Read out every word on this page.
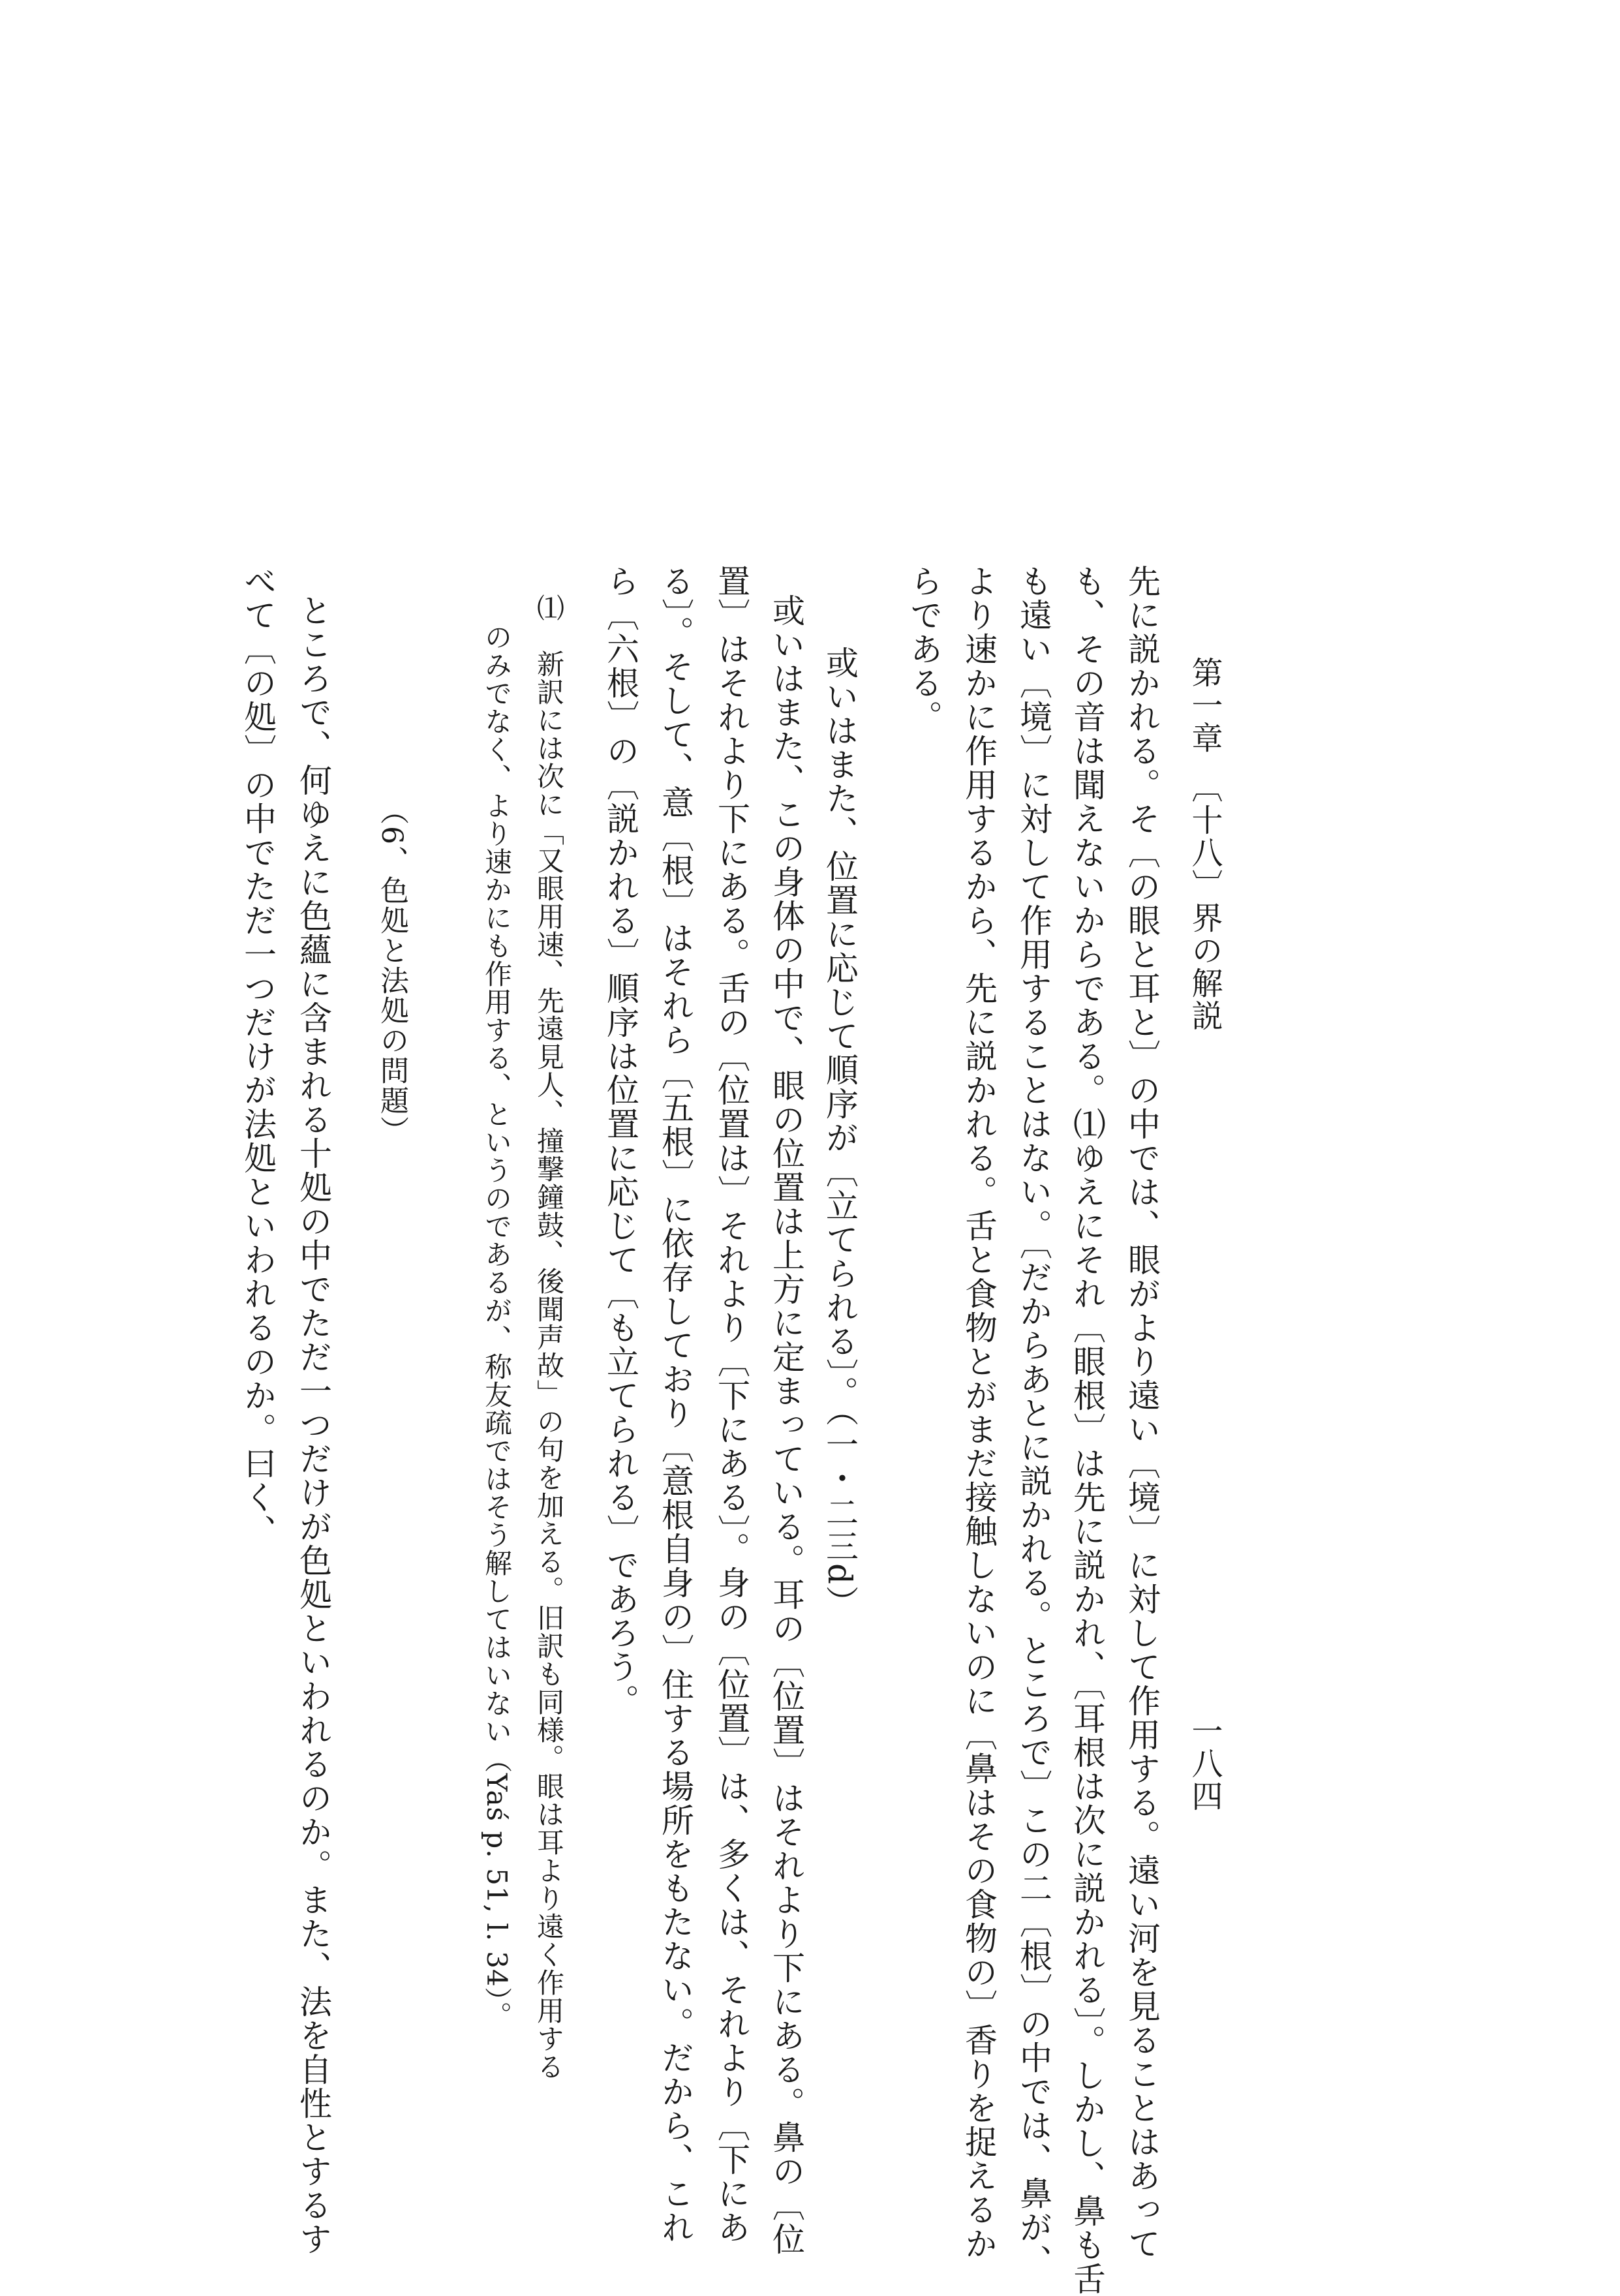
第一章　〔十八〕界の解説
一八四
先に説かれる。そ〔の眼と耳と〕の中では、眼がより遠い〔境〕に対して作用する。遠い河を見ることはあって
も、その音は聞えないからである。⑴ゆえにそれ〔眼根〕は先に説かれ、〔耳根は次に説かれる〕。しかし、鼻も舌
も遠い〔境〕に対して作用することはない。〔だからあとに説かれる。ところで〕この二〔根〕の中では、鼻が、
より速かに作用するから、先に説かれる。舌と食物とがまだ接触しないのに〔鼻はその食物の〕香りを捉えるか
らである。
或いはまた、位置に応じて順序が〔立てられる〕。（一・二三d）
或いはまた、この身体の中で、眼の位置は上方に定まっている。耳の〔位置〕はそれより下にある。鼻の〔位
置〕はそれより下にある。舌の〔位置は〕それより〔下にある〕。身の〔位置〕は、多くは、それより〔下にあ
る〕。そして、意〔根〕はそれら〔五根〕に依存しており〔意根自身の〕住する場所をもたない。だから、これ
ら〔六根〕の〔説かれる〕順序は位置に応じて〔も立てられる〕であろう。
⑴　新訳には次に「又眼用速、先遠見人、撞撃鐘鼓、後聞声故」の句を加える。旧訳も同様。眼は耳より遠く作用する
のみでなく、より速かにも作用する、というのであるが、称友疏ではそう解してはいない（Yaś p. 51, l. 34）。
（6、色処と法処の問題）
ところで、何ゆえに色蘊に含まれる十処の中でただ一つだけが色処といわれるのか。また、法を自性とするす
べて〔の処〕の中でただ一つだけが法処といわれるのか。曰く、
